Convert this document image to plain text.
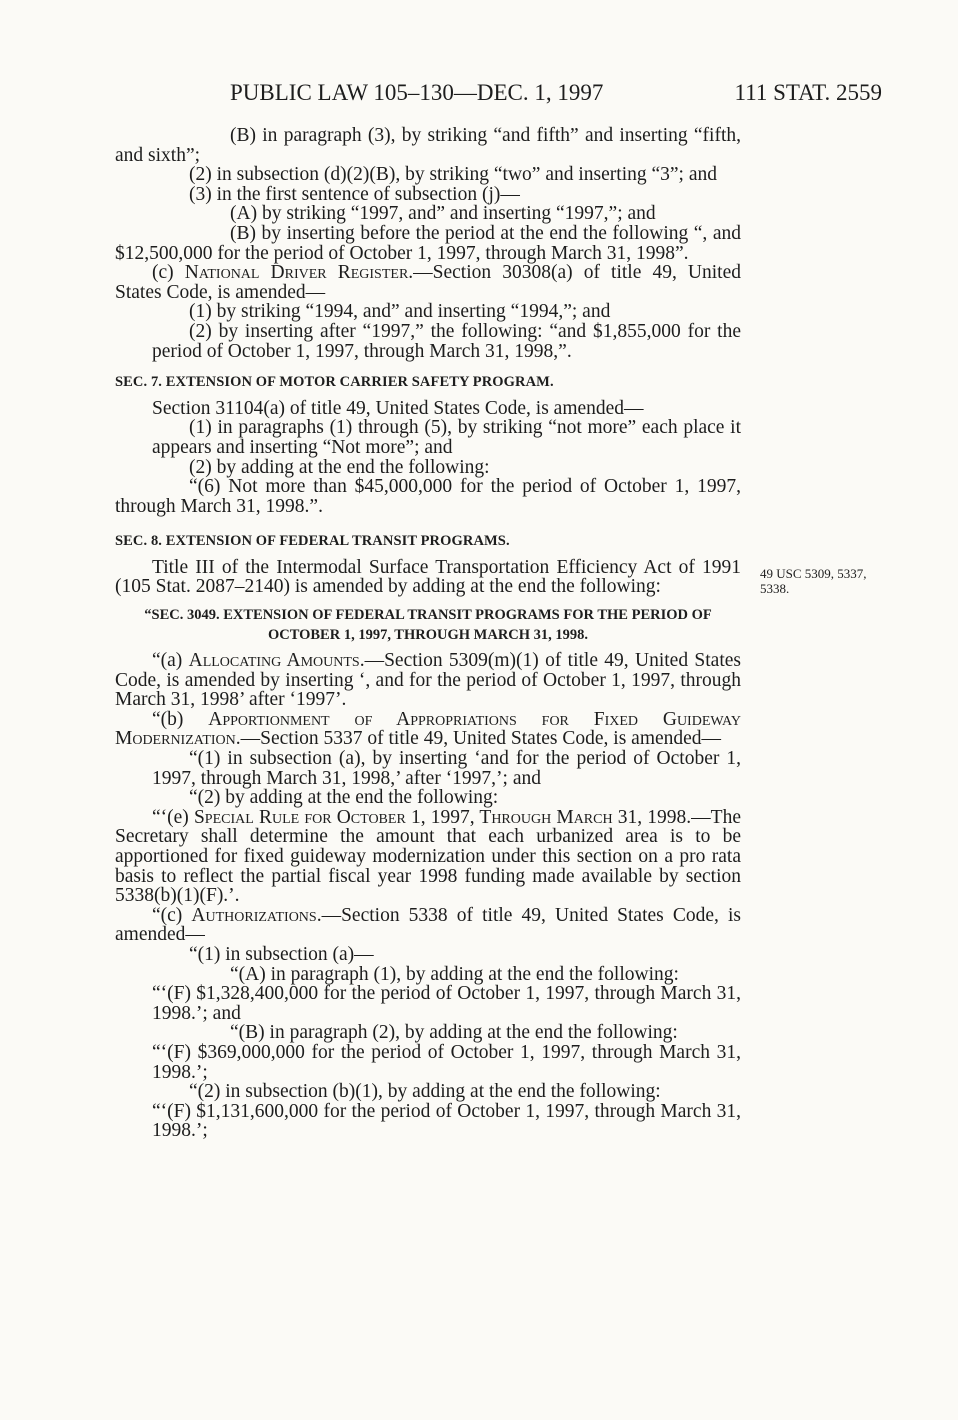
PUBLIC LAW 105–130—DEC. 1, 1997	111 STAT. 2559

(B) in paragraph (3), by striking “and fifth” and inserting “fifth, and sixth”;

(2) in subsection (d)(2)(B), by striking “two” and inserting “3”; and

(3) in the first sentence of subsection (j)—

(A) by striking “1997, and” and inserting “1997,”; and

(B) by inserting before the period at the end the following “, and $12,500,000 for the period of October 1, 1997, through March 31, 1998”.

(c) National Driver Register.—Section 30308(a) of title 49, United States Code, is amended—

(1) by striking “1994, and” and inserting “1994,”; and

(2) by inserting after “1997,” the following: “and $1,855,000 for the period of October 1, 1997, through March 31, 1998,”.

SEC. 7. EXTENSION OF MOTOR CARRIER SAFETY PROGRAM.

Section 31104(a) of title 49, United States Code, is amended—

(1) in paragraphs (1) through (5), by striking “not more” each place it appears and inserting “Not more”; and

(2) by adding at the end the following:

“(6) Not more than $45,000,000 for the period of October 1, 1997, through March 31, 1998.”.

SEC. 8. EXTENSION OF FEDERAL TRANSIT PROGRAMS.

Title III of the Intermodal Surface Transportation Efficiency Act of 1991 (105 Stat. 2087–2140) is amended by adding at the end the following:

“SEC. 3049. EXTENSION OF FEDERAL TRANSIT PROGRAMS FOR THE PERIOD OF OCTOBER 1, 1997, THROUGH MARCH 31, 1998.

“(a) Allocating Amounts.—Section 5309(m)(1) of title 49, United States Code, is amended by inserting ‘, and for the period of October 1, 1997, through March 31, 1998’ after ‘1997’.

“(b) Apportionment of Appropriations for Fixed Guideway Modernization.—Section 5337 of title 49, United States Code, is amended—

“(1) in subsection (a), by inserting ‘and for the period of October 1, 1997, through March 31, 1998,’ after ‘1997,’; and

“(2) by adding at the end the following:

“‘(e) Special Rule for October 1, 1997, Through March 31, 1998.—The Secretary shall determine the amount that each urbanized area is to be apportioned for fixed guideway modernization under this section on a pro rata basis to reflect the partial fiscal year 1998 funding made available by section 5338(b)(1)(F).’.

“(c) Authorizations.—Section 5338 of title 49, United States Code, is amended—

“(1) in subsection (a)—

“(A) in paragraph (1), by adding at the end the following:

“‘(F) $1,328,400,000 for the period of October 1, 1997, through March 31, 1998.’; and

“(B) in paragraph (2), by adding at the end the following:

“‘(F) $369,000,000 for the period of October 1, 1997, through March 31, 1998.’;

“(2) in subsection (b)(1), by adding at the end the following:

“‘(F) $1,131,600,000 for the period of October 1, 1997, through March 31, 1998.’;

49 USC 5309, 5337, 5338.
